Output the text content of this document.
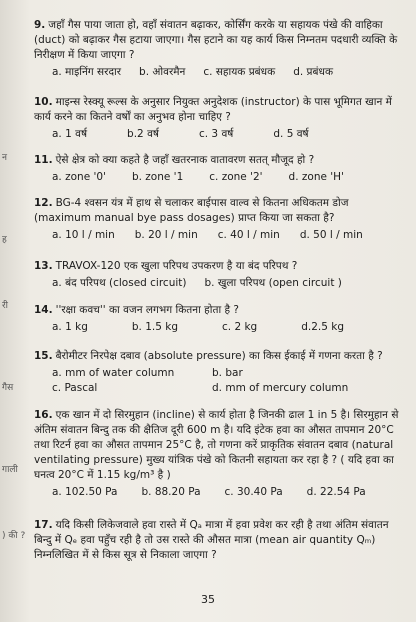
9. जहाँ गैस पाया जाता हो, वहाँ संवातन बढ़ाकर, कोर्सिंग करके या सहायक पंखे की वाहिका (duct) को बढ़ाकर गैस हटाया जाएगा। गैस हटाने का यह कार्य किस निम्नतम पदधारी व्यक्ति के निरीक्षण में किया जाएगा ?

a. माइनिंग सरदार b. ओवरमैन c. सहायक प्रबंधक d. प्रबंधक

10. माइन्स रेस्क्यू रूल्स के अनुसार नियुक्त अनुदेशक (instructor) के पास भूमिगत खान में कार्य करने का कितने वर्षों का अनुभव होना चाहिए ?

a. 1 वर्ष	b.2 वर्ष	c. 3 वर्ष	d. 5 वर्ष

11. ऐसे क्षेत्र को क्या कहते है जहाँ खतरनाक वातावरण सतत् मौजूद हो ?

a. zone '0' b. zone '1 c. zone '2' d. zone 'H'

12. BG-4 श्वसन यंत्र में हाथ से चलाकर बाईपास वाल्व से कितना अधिकतम डोज (maximum manual bye pass dosages) प्राप्त किया जा सकता है?

a. 10 l / min b. 20 l / min c. 40 l / min d. 50 l / min

13. TRAVOX-120 एक खुला परिपथ उपकरण है या बंद परिपथ ?

a. बंद परिपथ (closed circuit) b. खुला परिपथ (open circuit )

14. ''रक्षा कवच'' का वजन लगभग कितना होता है ?

a. 1 kg	b. 1.5 kg	c. 2 kg	d.2.5 kg

15. बैरोमीटर निरपेक्ष दबाव (absolute pressure) का किस ईकाई में गणना करता है ?

a. mm of water column	b. bar
c. Pascal	d. mm of mercury column

16. एक खान में दो सिरमुहान (incline) से कार्य होता है जिनकी ढाल 1 in 5 है। सिरमुहान से अंतिम संवातन बिन्दु तक की क्षैतिज दूरी 600 m है। यदि इंटेक हवा का औसत तापमान 20°C तथा रिटर्न हवा का औसत तापमान 25°C है, तो गणना करें प्राकृतिक संवातन दबाव (natural ventilating pressure) मुख्य यांत्रिक पंखे को कितनी सहायता कर रहा है ? ( यदि हवा का घनत्व 20°C में 1.15 kg/m³ है )

a. 102.50 Pa b. 88.20 Pa c. 30.40 Pa d. 22.54 Pa

17. यदि किसी लिकेजवाले हवा रास्ते में Qₐ मात्रा में हवा प्रवेश कर रही है तथा अंतिम संवातन बिन्दु में Qₑ हवा पहुँच रही है तो उस रास्ते की औसत मात्रा (mean air quantity Qₘ) निम्नलिखित में से किस सूत्र से निकाला जाएगा ?

न
ह
री
गैस
गाली
) की ?
35
